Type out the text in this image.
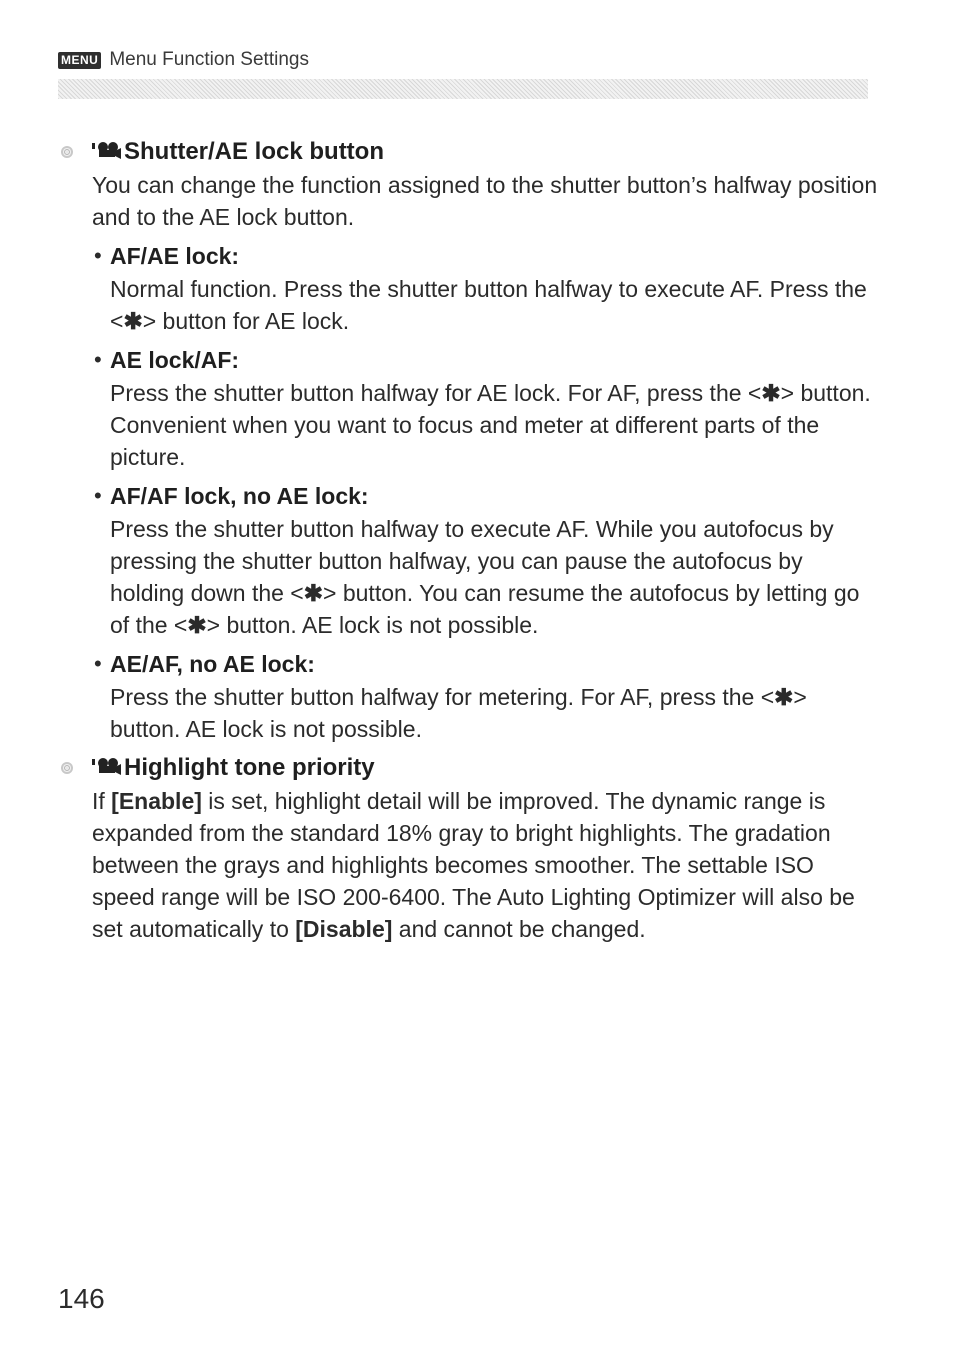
MENU Menu Function Settings
Shutter/AE lock button

You can change the function assigned to the shutter button’s halfway position and to the AE lock button.

• AF/AE lock:

Normal function. Press the shutter button halfway to execute AF. Press the <✱> button for AE lock.

• AE lock/AF:

Press the shutter button halfway for AE lock. For AF, press the <✱> button. Convenient when you want to focus and meter at different parts of the picture.

• AF/AF lock, no AE lock:

Press the shutter button halfway to execute AF. While you autofocus by pressing the shutter button halfway, you can pause the autofocus by holding down the <✱> button. You can resume the autofocus by letting go of the <✱> button. AE lock is not possible.

• AE/AF, no AE lock:

Press the shutter button halfway for metering. For AF, press the <✱> button. AE lock is not possible.

Highlight tone priority

If [Enable] is set, highlight detail will be improved. The dynamic range is expanded from the standard 18% gray to bright highlights. The gradation between the grays and highlights becomes smoother. The settable ISO speed range will be ISO 200-6400. The Auto Lighting Optimizer will also be set automatically to [Disable] and cannot be changed.

146
